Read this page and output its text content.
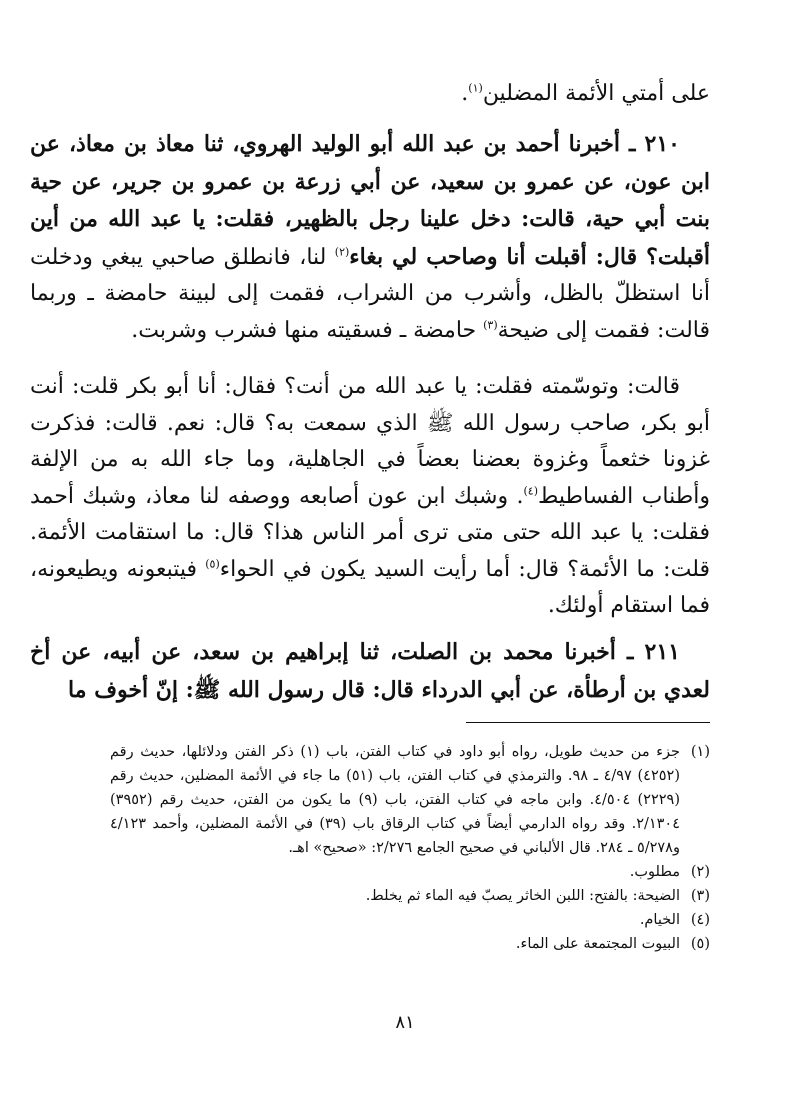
على أمتي الأئمة المضلين$^{(١)}$.
٢١٠ ـ أخبرنا أحمد بن عبد الله أبو الوليد الهروي، ثنا معاذ بن معاذ، عن ابن عون، عن عمرو بن سعيد، عن أبي زرعة بن عمرو بن جرير، عن حية بنت أبي حية، قالت: دخل علينا رجل بالظهير، فقلت: يا عبد الله من أين أقبلت؟ قال: أقبلت أنا وصاحب لي بغاء$^{(٢)}$ لنا، فانطلق صاحبي يبغي ودخلت أنا استظلّ بالظل، وأشرب من الشراب، فقمت إلى لبينة حامضة ـ وربما قالت: فقمت إلى ضيحة$^{(٣)}$ حامضة ـ فسقيته منها فشرب وشربت.
قالت: وتوسّمته فقلت: يا عبد الله من أنت؟ فقال: أنا أبو بكر قلت: أنت أبو بكر، صاحب رسول الله ﷺ الذي سمعت به؟ قال: نعم. قالت: فذكرت غزونا خثعماً وغزوة بعضنا بعضاً في الجاهلية، وما جاء الله به من الإلفة وأطناب الفساطيط$^{(٤)}$. وشبك ابن عون أصابعه ووصفه لنا معاذ، وشبك أحمد فقلت: يا عبد الله حتى متى ترى أمر الناس هذا؟ قال: ما استقامت الأئمة. قلت: ما الأئمة؟ قال: أما رأيت السيد يكون في الحواء$^{(٥)}$ فيتبعونه ويطيعونه، فما استقام أولئك.
٢١١ ـ أخبرنا محمد بن الصلت، ثنا إبراهيم بن سعد، عن أبيه، عن أخ لعدي بن أرطأة، عن أبي الدرداء قال: قال رسول الله ﷺ: إنّ أخوف ما

(١)
جزء من حديث طويل، رواه أبو داود في كتاب الفتن، باب (١) ذكر الفتن ودلائلها، حديث رقم (٤٢٥٢) ٤/٩٧ ـ ٩٨. والترمذي في كتاب الفتن، باب (٥١) ما جاء في الأئمة المضلين، حديث رقم (٢٢٢٩) ٤/٥٠٤. وابن ماجه في كتاب الفتن، باب (٩) ما يكون من الفتن، حديث رقم (٣٩٥٢) ٢/١٣٠٤. وقد رواه الدارمي أيضاً في كتاب الرقاق باب (٣٩) في الأئمة المضلين، وأحمد ٤/١٢٣ و٥/٢٧٨ ـ ٢٨٤. قال الألباني في صحيح الجامع ٢/٢٧٦: «صحيح» اهـ.

(٢)
مطلوب.

(٣)
الضيحة: بالفتح: اللبن الخاثر يصبّ فيه الماء ثم يخلط.

(٤)
الخيام.

(٥)
البيوت المجتمعة على الماء.

٨١
